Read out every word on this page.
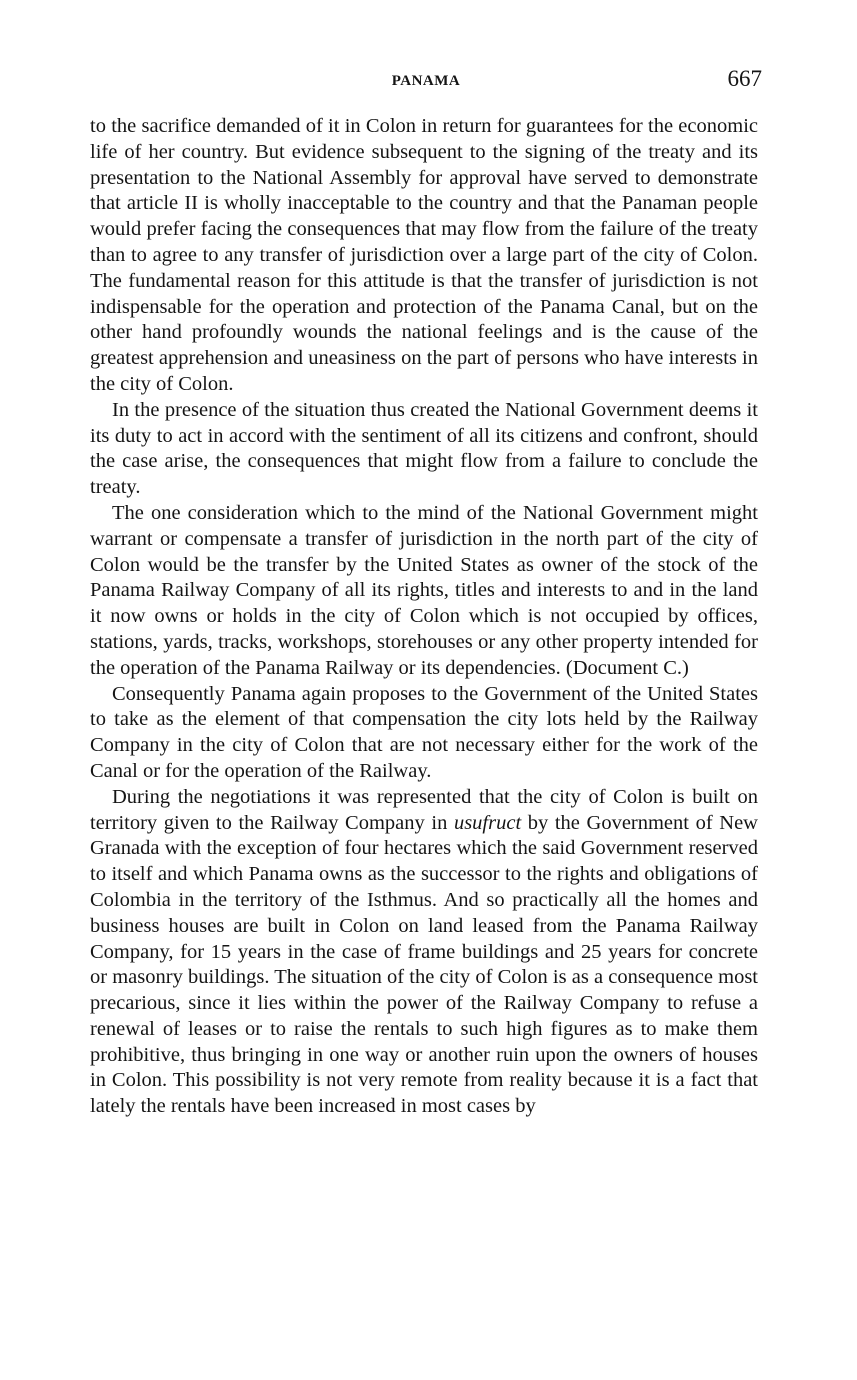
PANAMA	667

to the sacrifice demanded of it in Colon in return for guarantees for the economic life of her country. But evidence subsequent to the signing of the treaty and its presentation to the National Assembly for approval have served to demonstrate that article II is wholly inacceptable to the country and that the Panaman people would prefer facing the consequences that may flow from the failure of the treaty than to agree to any transfer of jurisdiction over a large part of the city of Colon. The fundamental reason for this attitude is that the transfer of jurisdiction is not indispensable for the operation and protection of the Panama Canal, but on the other hand profoundly wounds the national feelings and is the cause of the greatest apprehension and uneasiness on the part of persons who have interests in the city of Colon.

In the presence of the situation thus created the National Government deems it its duty to act in accord with the sentiment of all its citizens and confront, should the case arise, the consequences that might flow from a failure to conclude the treaty.

The one consideration which to the mind of the National Government might warrant or compensate a transfer of jurisdiction in the north part of the city of Colon would be the transfer by the United States as owner of the stock of the Panama Railway Company of all its rights, titles and interests to and in the land it now owns or holds in the city of Colon which is not occupied by offices, stations, yards, tracks, workshops, storehouses or any other property intended for the operation of the Panama Railway or its dependencies. (Document C.)

Consequently Panama again proposes to the Government of the United States to take as the element of that compensation the city lots held by the Railway Company in the city of Colon that are not necessary either for the work of the Canal or for the operation of the Railway.

During the negotiations it was represented that the city of Colon is built on territory given to the Railway Company in usufruct by the Government of New Granada with the exception of four hectares which the said Government reserved to itself and which Panama owns as the successor to the rights and obligations of Colombia in the territory of the Isthmus. And so practically all the homes and business houses are built in Colon on land leased from the Panama Railway Company, for 15 years in the case of frame buildings and 25 years for concrete or masonry buildings. The situation of the city of Colon is as a consequence most precarious, since it lies within the power of the Railway Company to refuse a renewal of leases or to raise the rentals to such high figures as to make them prohibitive, thus bringing in one way or another ruin upon the owners of houses in Colon. This possibility is not very remote from reality because it is a fact that lately the rentals have been increased in most cases by
